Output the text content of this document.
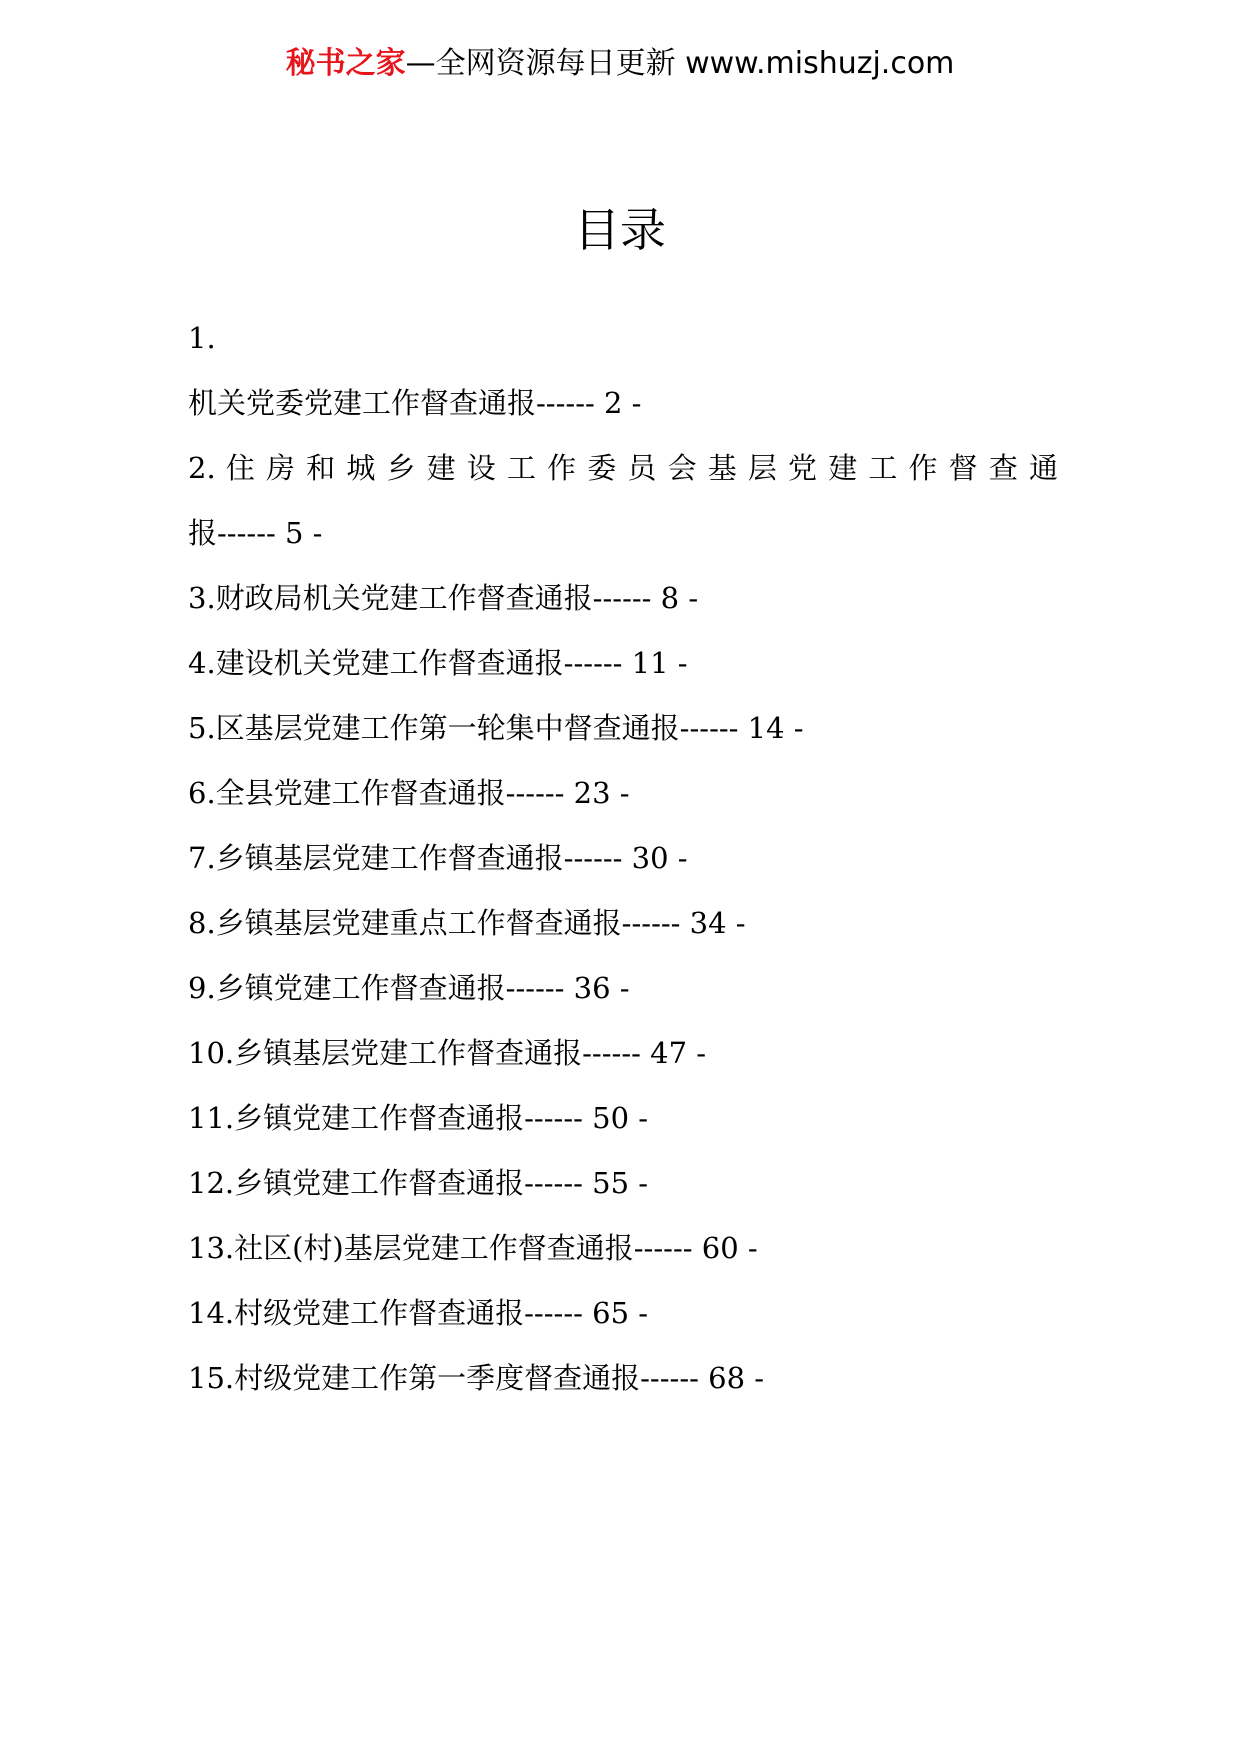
秘书之家—全网资源每日更新 www.mishuzj.com
目录
1.
机关党委党建工作督查通报------ 2 -
2. 住 房 和 城 乡 建 设 工 作 委 员 会 基 层 党 建 工 作 督 查 通
报------ 5 -
3.财政局机关党建工作督查通报------ 8 -
4.建设机关党建工作督查通报------ 11 -
5.区基层党建工作第一轮集中督查通报------ 14 -
6.全县党建工作督查通报------ 23 -
7.乡镇基层党建工作督查通报------ 30 -
8.乡镇基层党建重点工作督查通报------ 34 -
9.乡镇党建工作督查通报------ 36 -
10.乡镇基层党建工作督查通报------ 47 -
11.乡镇党建工作督查通报------ 50 -
12.乡镇党建工作督查通报------ 55 -
13.社区(村)基层党建工作督查通报------ 60 -
14.村级党建工作督查通报------ 65 -
15.村级党建工作第一季度督查通报------ 68 -
